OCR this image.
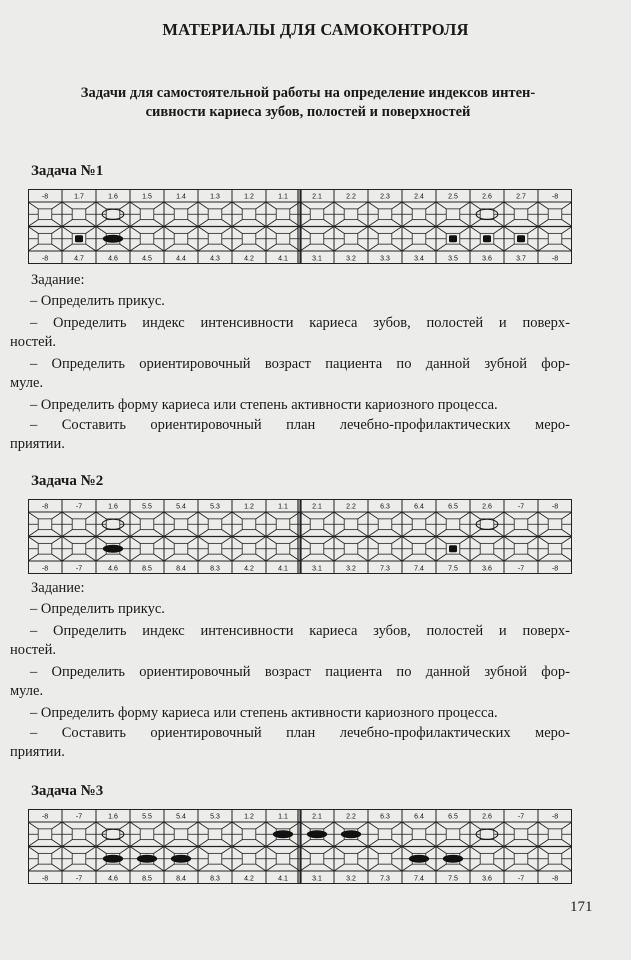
МАТЕРИАЛЫ ДЛЯ САМОКОНТРОЛЯ

Задачи для самостоятельной работы на определение индексов интен-
сивности кариеса зубов, полостей и поверхностей

Задача №1
-8
-8
1.7
4.7
1.6
4.6
1.5
4.5
1.4
4.4
1.3
4.3
1.2
4.2
1.1
4.1
2.1
3.1
2.2
3.2
2.3
3.3
2.4
3.4
2.5
3.5
2.6
3.6
2.7
3.7
-8
-8
Задание:
– Определить прикус.
– Определить индекс интенсивности кариеса зубов, полостей и поверх-
ностей.
– Определить ориентировочный возраст пациента по данной зубной фор-
муле.
– Определить форму кариеса или степень активности кариозного процесса.
– Составить ориентировочный план лечебно-профилактических меро-
приятии.
Задача №2
-8
-8
-7
-7
1.6
4.6
5.5
8.5
5.4
8.4
5.3
8.3
1.2
4.2
1.1
4.1
2.1
3.1
2.2
3.2
6.3
7.3
6.4
7.4
6.5
7.5
2.6
3.6
-7
-7
-8
-8
Задание:
– Определить прикус.
– Определить индекс интенсивности кариеса зубов, полостей и поверх-
ностей.
– Определить ориентировочный возраст пациента по данной зубной фор-
муле.
– Определить форму кариеса или степень активности кариозного процесса.
– Составить ориентировочный план лечебно-профилактических меро-
приятии.
Задача №3
-8
-8
-7
-7
1.6
4.6
5.5
8.5
5.4
8.4
5.3
8.3
1.2
4.2
1.1
4.1
2.1
3.1
2.2
3.2
6.3
7.3
6.4
7.4
6.5
7.5
2.6
3.6
-7
-7
-8
-8
171
